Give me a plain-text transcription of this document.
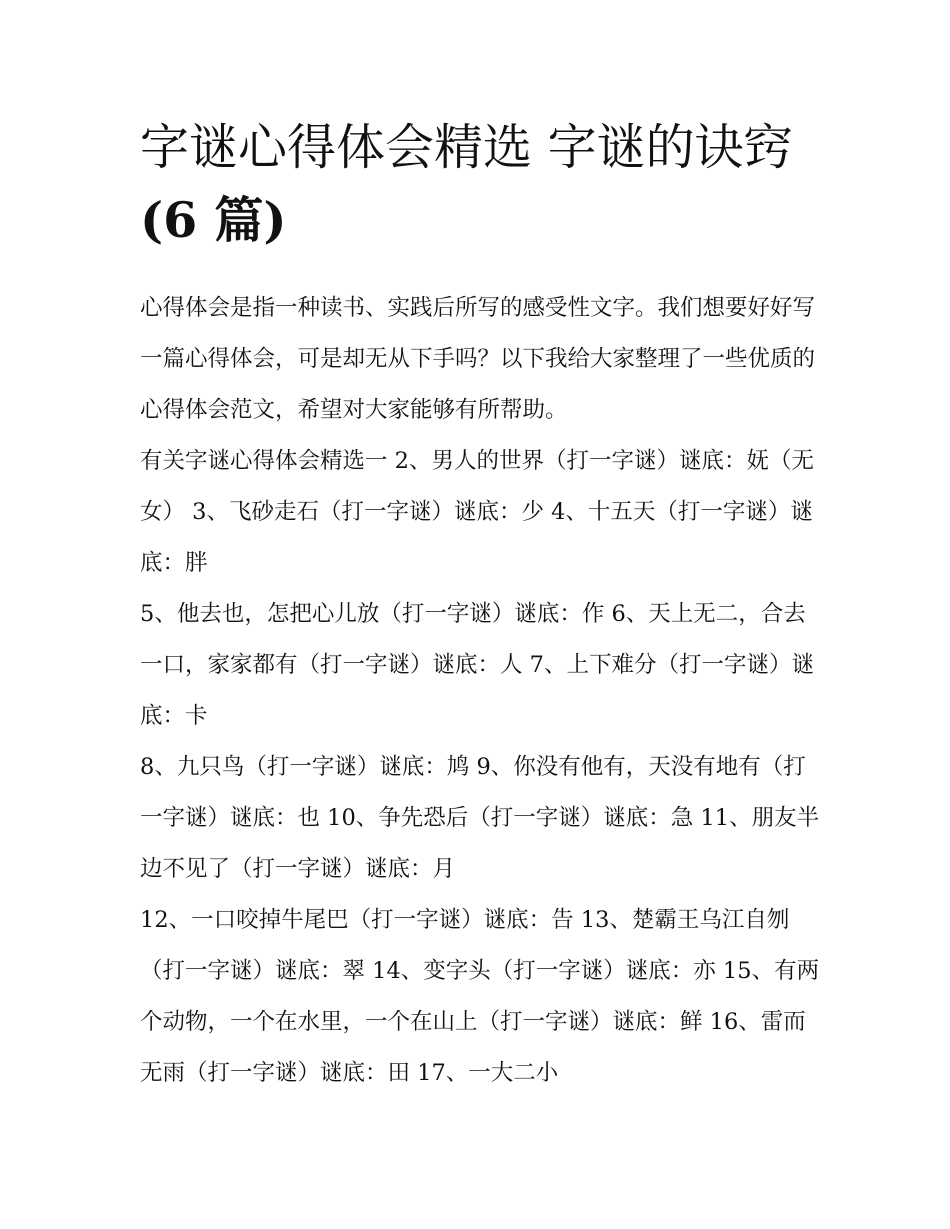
字谜心得体会精选 字谜的诀窍
(6 篇)

心得体会是指一种读书、实践后所写的感受性文字。我们想要好好写一篇心得体会，可是却无从下手吗？以下我给大家整理了一些优质的心得体会范文，希望对大家能够有所帮助。

有关字谜心得体会精选一 2、男人的世界（打一字谜）谜底：妩（无女） 3、飞砂走石（打一字谜）谜底：少 4、十五天（打一字谜）谜底：胖

5、他去也，怎把心儿放（打一字谜）谜底：作 6、天上无二，合去一口，家家都有（打一字谜）谜底：人 7、上下难分（打一字谜）谜底：卡

8、九只鸟（打一字谜）谜底：鸠 9、你没有他有，天没有地有（打一字谜）谜底：也 10、争先恐后（打一字谜）谜底：急 11、朋友半边不见了（打一字谜）谜底：月

12、一口咬掉牛尾巴（打一字谜）谜底：告 13、楚霸王乌江自刎（打一字谜）谜底：翠 14、变字头（打一字谜）谜底：亦 15、有两个动物，一个在水里，一个在山上（打一字谜）谜底：鲜 16、雷而无雨（打一字谜）谜底：田 17、一大二小
